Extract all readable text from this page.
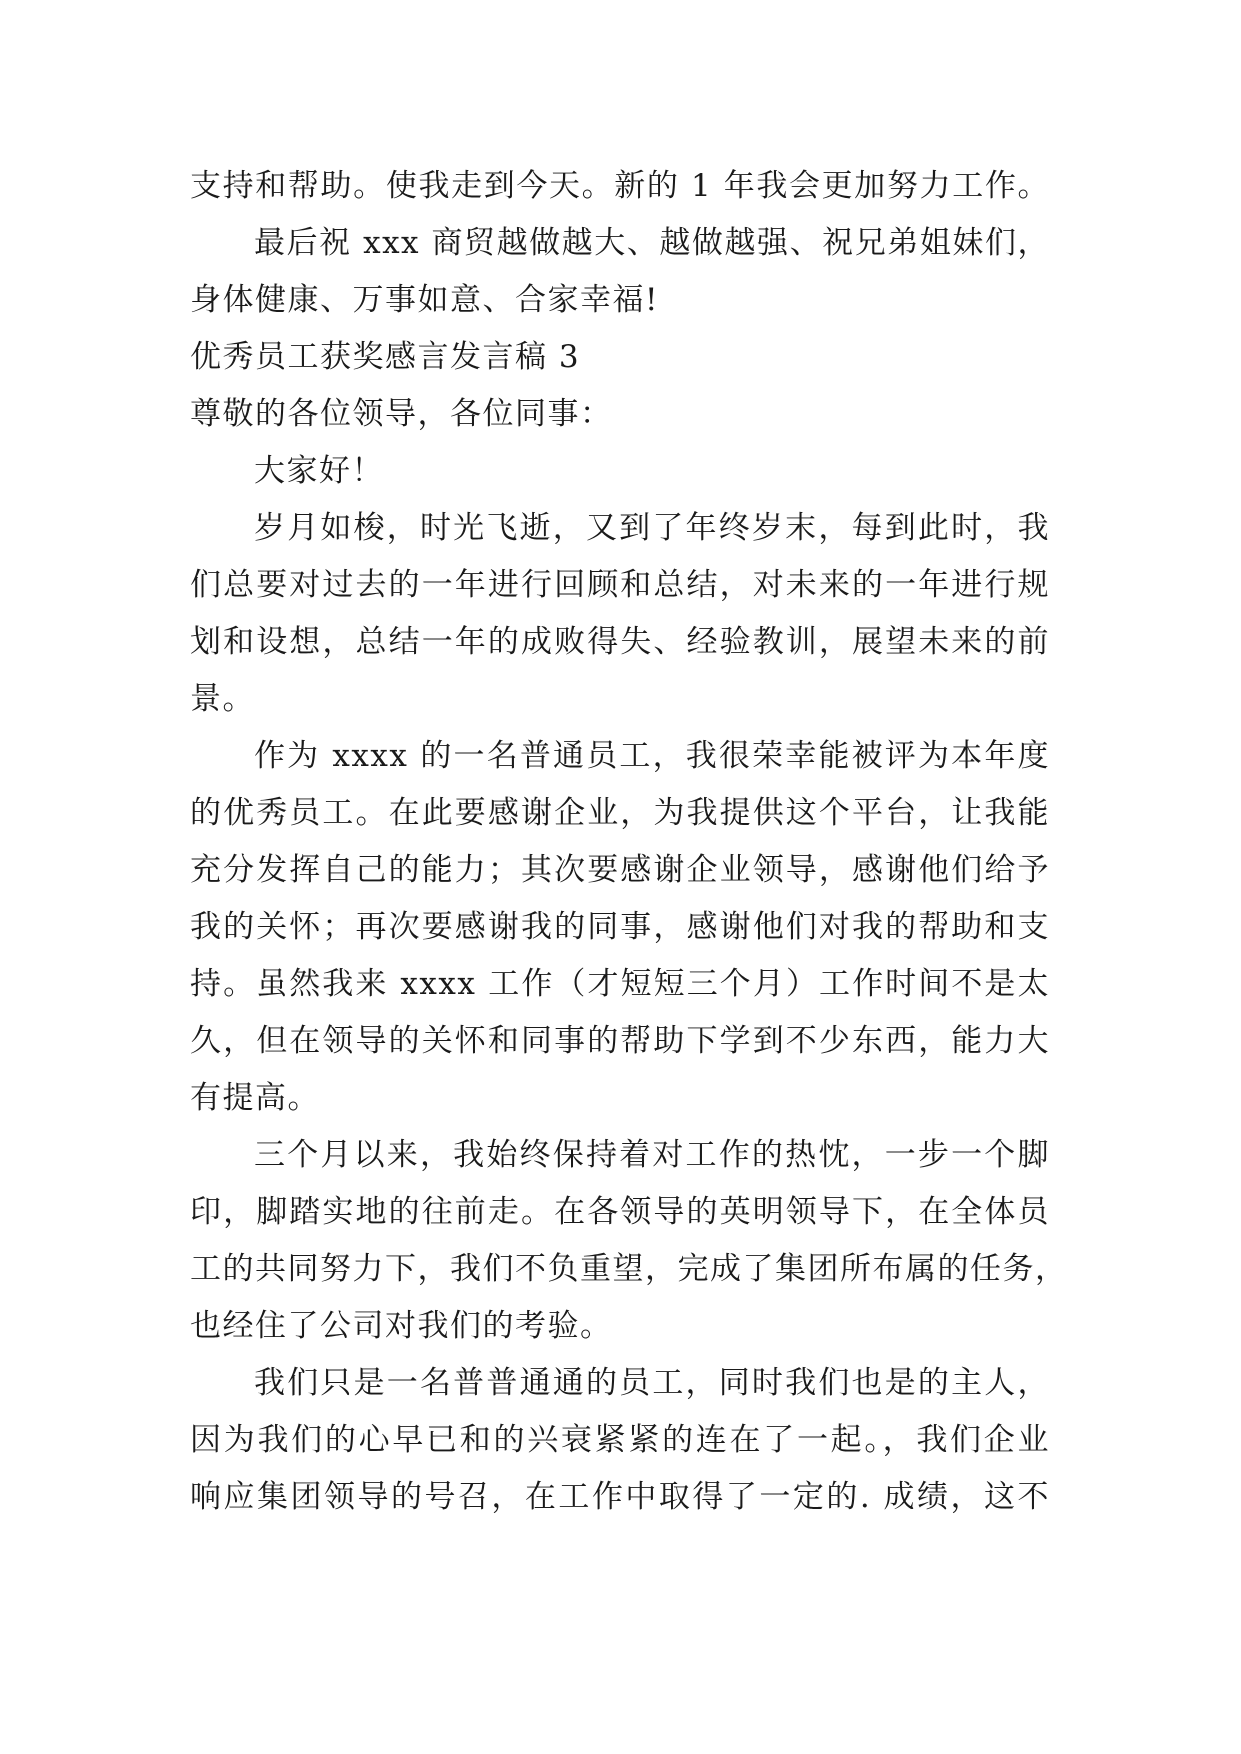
支持和帮助。使我走到今天。新的 1 年我会更加努力工作。
最后祝 xxx 商贸越做越大、越做越强、祝兄弟姐妹们，
身体健康、万事如意、合家幸福!
优秀员工获奖感言发言稿 3
尊敬的各位领导，各位同事：
大家好！
岁月如梭，时光飞逝，又到了年终岁末，每到此时，我
们总要对过去的一年进行回顾和总结，对未来的一年进行规
划和设想，总结一年的成败得失、经验教训，展望未来的前
景。
作为 xxxx 的一名普通员工，我很荣幸能被评为本年度
的优秀员工。在此要感谢企业，为我提供这个平台，让我能
充分发挥自己的能力；其次要感谢企业领导，感谢他们给予
我的关怀；再次要感谢我的同事，感谢他们对我的帮助和支
持。虽然我来 xxxx 工作（才短短三个月）工作时间不是太
久，但在领导的关怀和同事的帮助下学到不少东西，能力大
有提高。
三个月以来，我始终保持着对工作的热忱，一步一个脚
印，脚踏实地的往前走。在各领导的英明领导下，在全体员
工的共同努力下，我们不负重望，完成了集团所布属的任务，
也经住了公司对我们的考验。
我们只是一名普普通通的员工，同时我们也是的主人，
因为我们的心早已和的兴衰紧紧的连在了一起。，我们企业
响应集团领导的号召，在工作中取得了一定的. 成绩，这不
